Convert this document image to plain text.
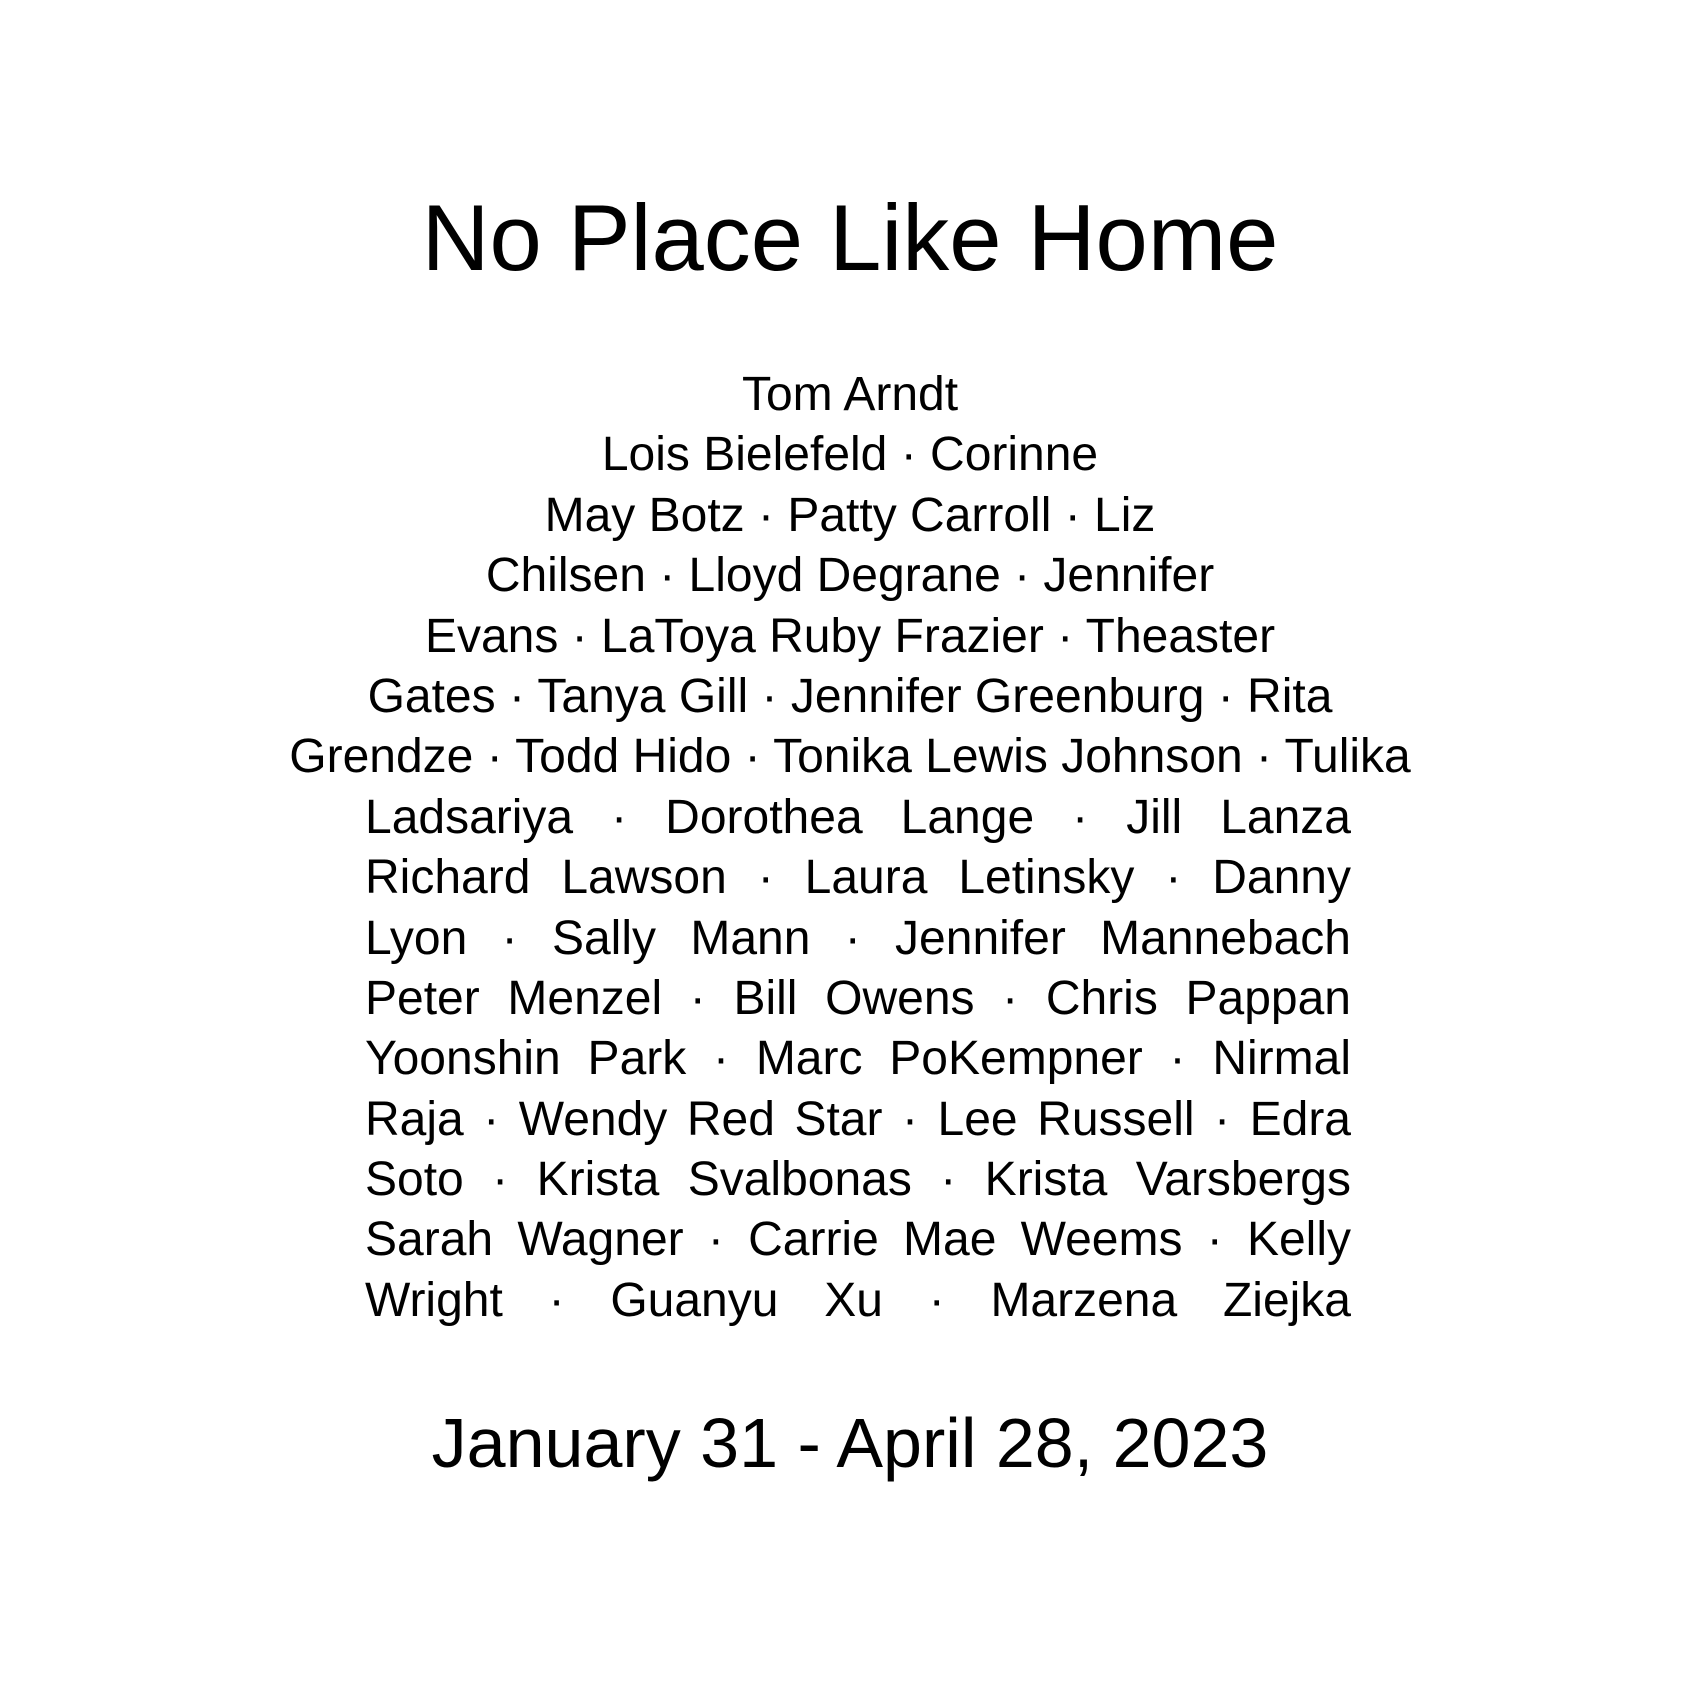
No Place Like Home
Tom Arndt
Lois Bielefeld · Corinne
May Botz · Patty Carroll · Liz
Chilsen · Lloyd Degrane · Jennifer
Evans · LaToya Ruby Frazier · Theaster
Gates · Tanya Gill · Jennifer Greenburg · Rita
Grendze · Todd Hido · Tonika Lewis Johnson · Tulika
Ladsariya · Dorothea Lange · Jill Lanza
Richard Lawson · Laura Letinsky · Danny
Lyon · Sally Mann · Jennifer Mannebach
Peter Menzel · Bill Owens · Chris Pappan
Yoonshin Park · Marc PoKempner · Nirmal
Raja · Wendy Red Star · Lee Russell · Edra
Soto · Krista Svalbonas · Krista Varsbergs
Sarah Wagner · Carrie Mae Weems · Kelly
Wright · Guanyu Xu · Marzena Ziejka
January 31 - April 28, 2023
